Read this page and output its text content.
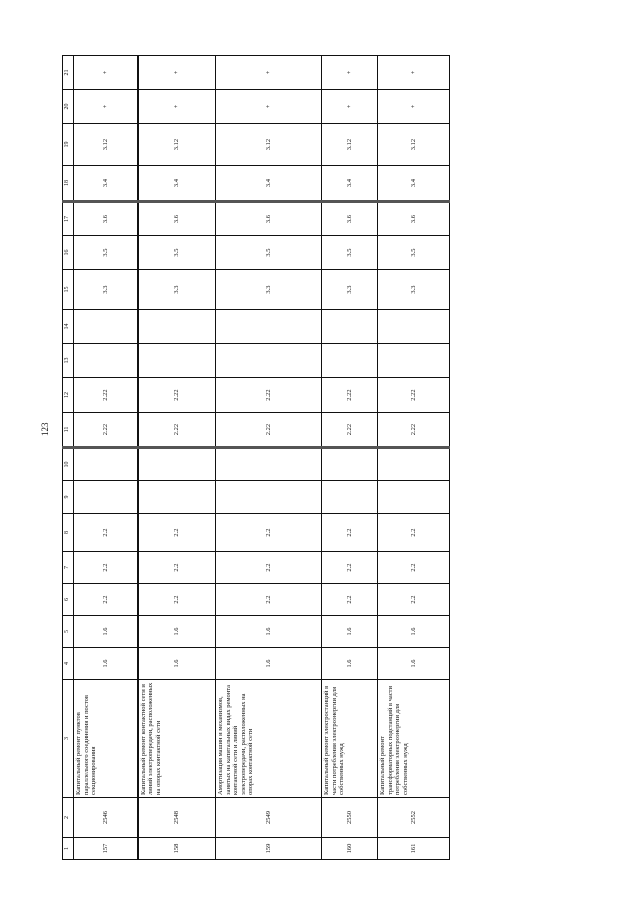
123
1	2	3	4	5	6	7	8	9	10	11	12	13	14	15	16	17	18	19	20	21
157	2546	Капитальный ремонт пунктов параллельного соединения и постов секционирования	1.6	1.6	2.2	2.2	2.2			2.22	2.22			3.3	3.5	3.6	3.4	3.12	+	+
158	2548	Капитальный ремонт контактной сети и линий электропередачи, расположенных на опорах контактной сети	1.6	1.6	2.2	2.2	2.2			2.22	2.22			3.3	3.5	3.6	3.4	3.12	+	+
159	2549	Амортизация машин и механизмов, занятых на капитальных видах ремонта контактной сети и линий электропередачи, расположенных на опорах контактной сети	1.6	1.6	2.2	2.2	2.2			2.22	2.22			3.3	3.5	3.6	3.4	3.12	+	+
160	2550	Капитальный ремонт электростанций в части потребления электроэнергии для собственных нужд	1.6	1.6	2.2	2.2	2.2			2.22	2.22			3.3	3.5	3.6	3.4	3.12	+	+
161	2552	Капитальный ремонт трансформаторных подстанций в части потребления электроэнергии для собственных нужд	1.6	1.6	2.2	2.2	2.2			2.22	2.22			3.3	3.5	3.6	3.4	3.12	+	+
